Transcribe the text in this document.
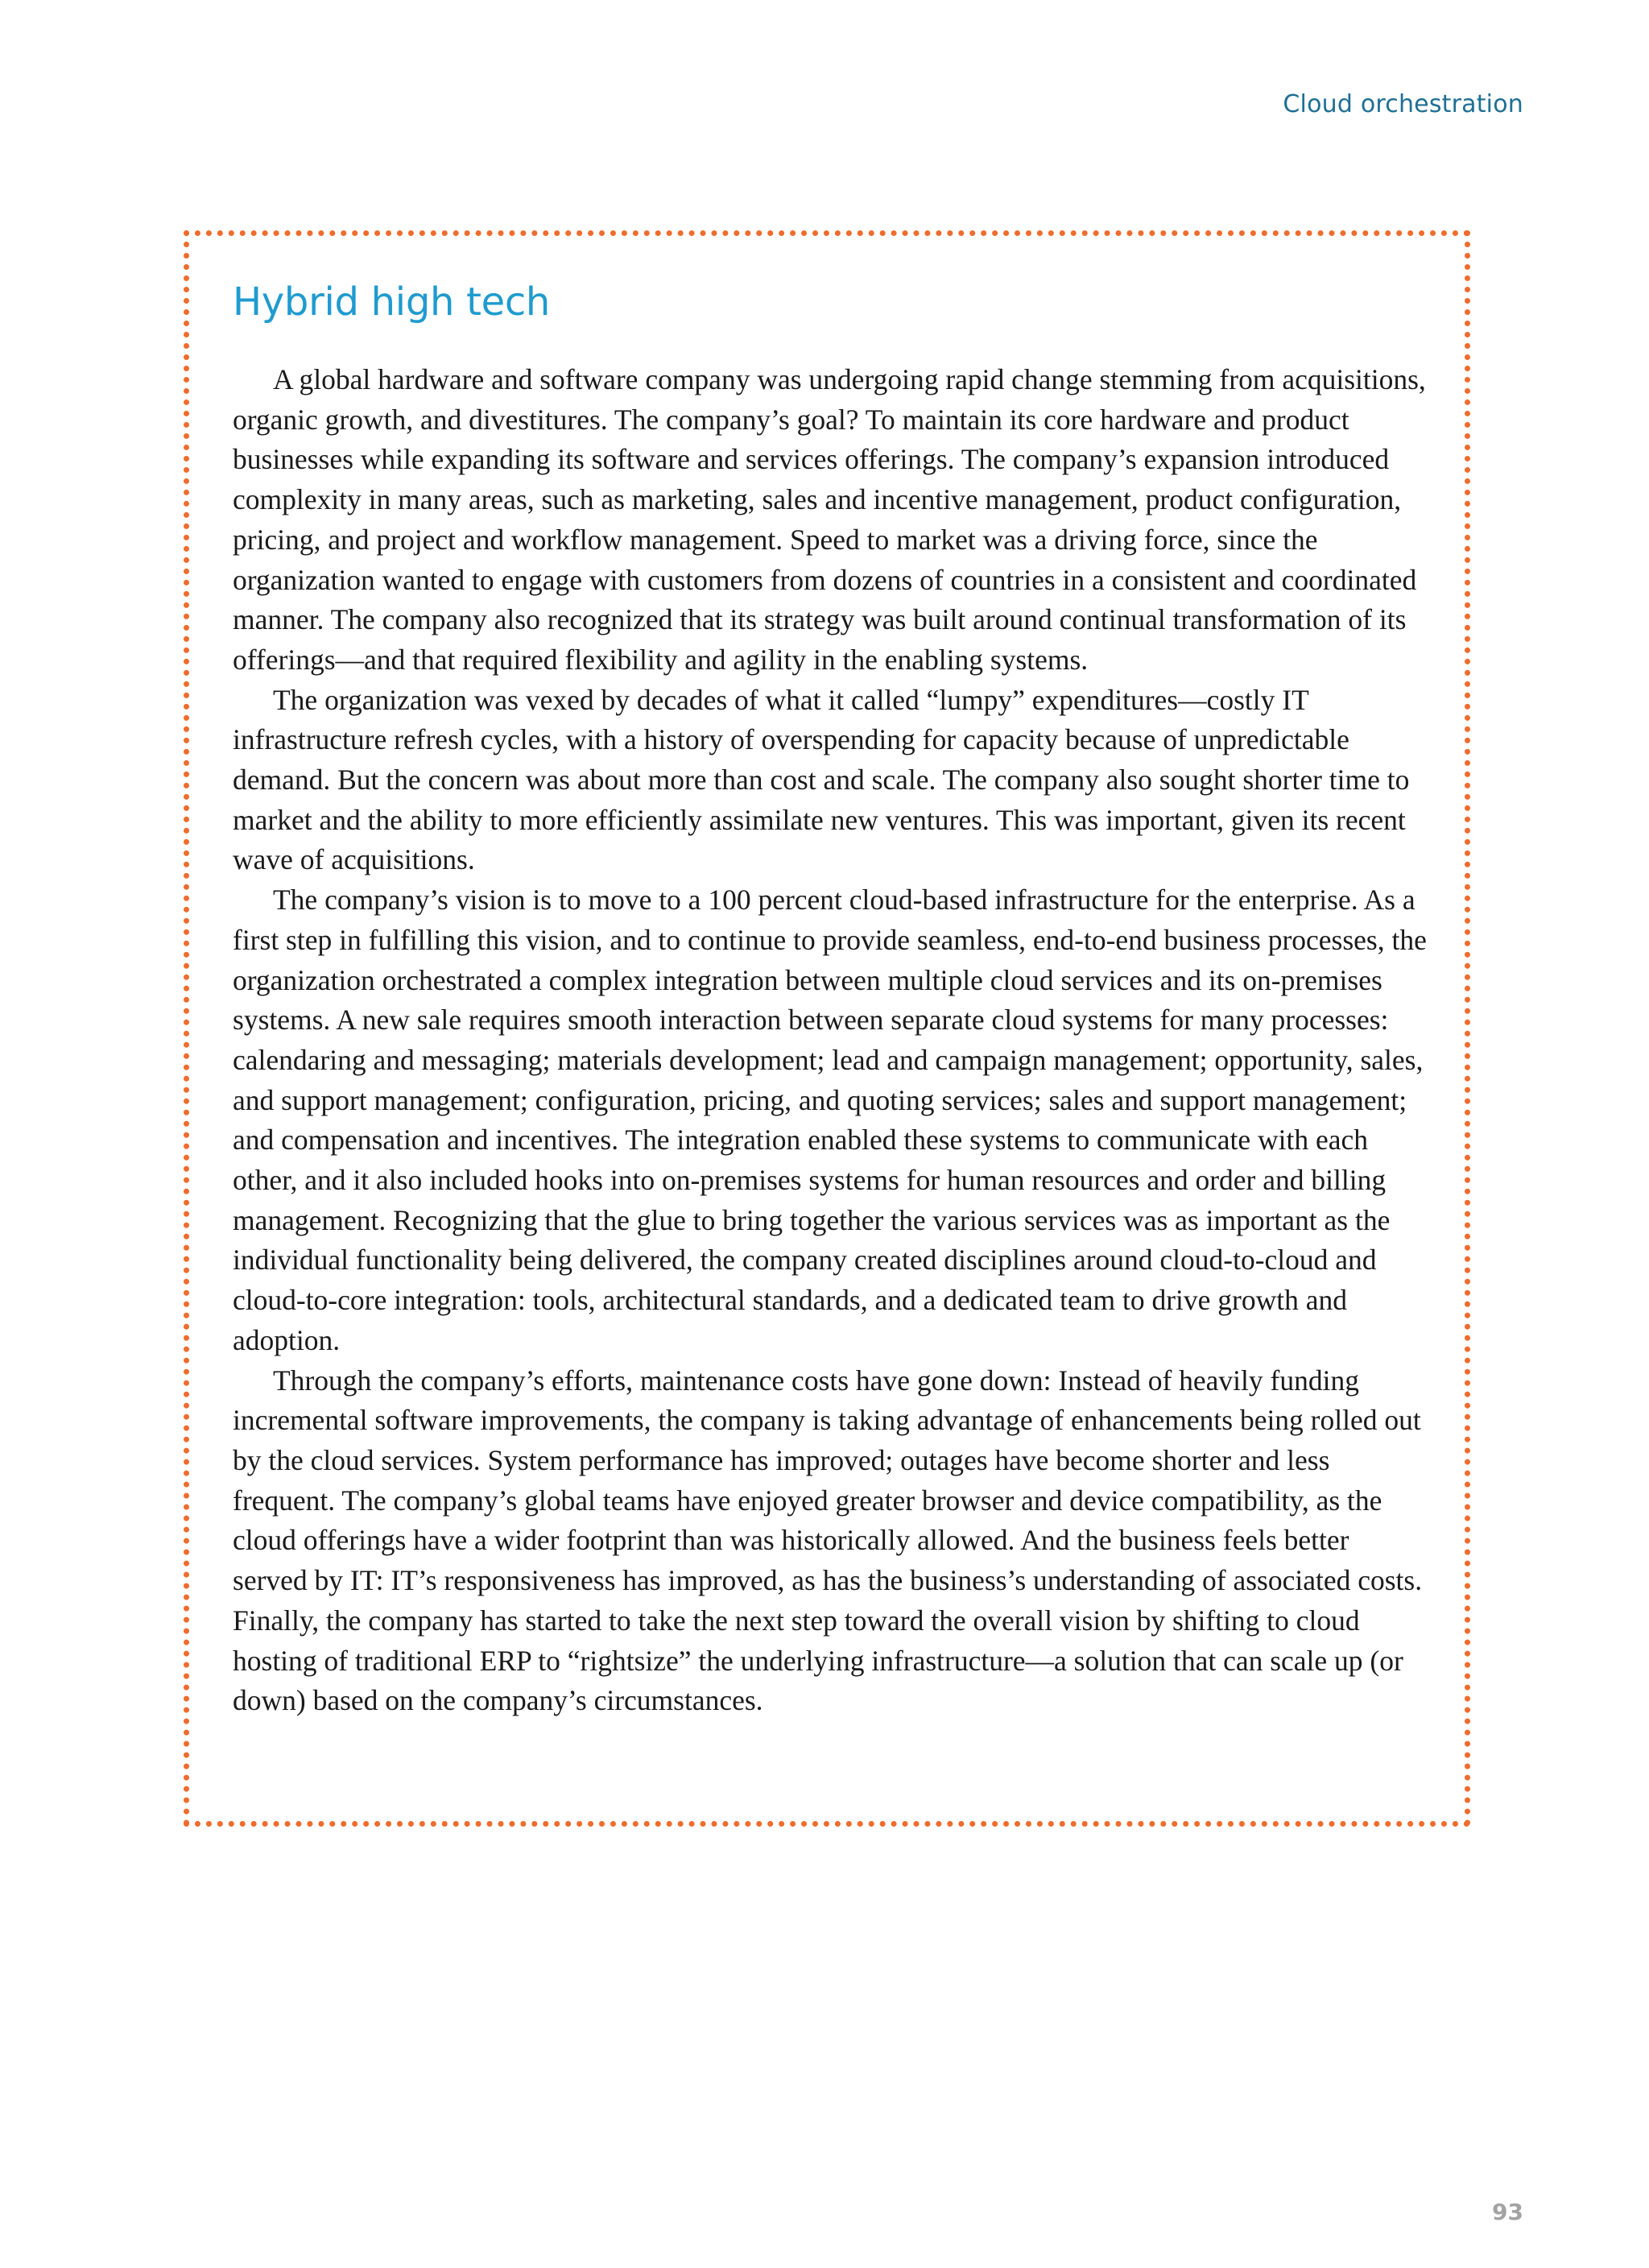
Cloud orchestration
Hybrid high tech

A global hardware and software company was undergoing rapid change stemming from acquisitions, organic growth, and divestitures. The company’s goal? To maintain its core hardware and product businesses while expanding its software and services offerings. The company’s expansion introduced complexity in many areas, such as marketing, sales and incentive management, product configuration, pricing, and project and workflow management. Speed to market was a driving force, since the organization wanted to engage with customers from dozens of countries in a consistent and coordinated manner. The company also recognized that its strategy was built around continual transformation of its offerings—and that required flexibility and agility in the enabling systems.

The organization was vexed by decades of what it called “lumpy” expenditures—costly IT infrastructure refresh cycles, with a history of overspending for capacity because of unpredictable demand. But the concern was about more than cost and scale. The company also sought shorter time to market and the ability to more efficiently assimilate new ventures. This was important, given its recent wave of acquisitions.

The company’s vision is to move to a 100 percent cloud-based infrastructure for the enterprise. As a first step in fulfilling this vision, and to continue to provide seamless, end-to-end business processes, the organization orchestrated a complex integration between multiple cloud services and its on-premises systems. A new sale requires smooth interaction between separate cloud systems for many processes: calendaring and messaging; materials development; lead and campaign management; opportunity, sales, and support management; configuration, pricing, and quoting services; sales and support management; and compensation and incentives. The integration enabled these systems to communicate with each other, and it also included hooks into on-premises systems for human resources and order and billing management. Recognizing that the glue to bring together the various services was as important as the individual functionality being delivered, the company created disciplines around cloud-to-cloud and cloud-to-core integration: tools, architectural standards, and a dedicated team to drive growth and adoption.

Through the company’s efforts, maintenance costs have gone down: Instead of heavily funding incremental software improvements, the company is taking advantage of enhancements being rolled out by the cloud services. System performance has improved; outages have become shorter and less frequent. The company’s global teams have enjoyed greater browser and device compatibility, as the cloud offerings have a wider footprint than was historically allowed. And the business feels better served by IT: IT’s responsiveness has improved, as has the business’s understanding of associated costs. Finally, the company has started to take the next step toward the overall vision by shifting to cloud hosting of traditional ERP to “rightsize” the underlying infrastructure—a solution that can scale up (or down) based on the company’s circumstances.

93
